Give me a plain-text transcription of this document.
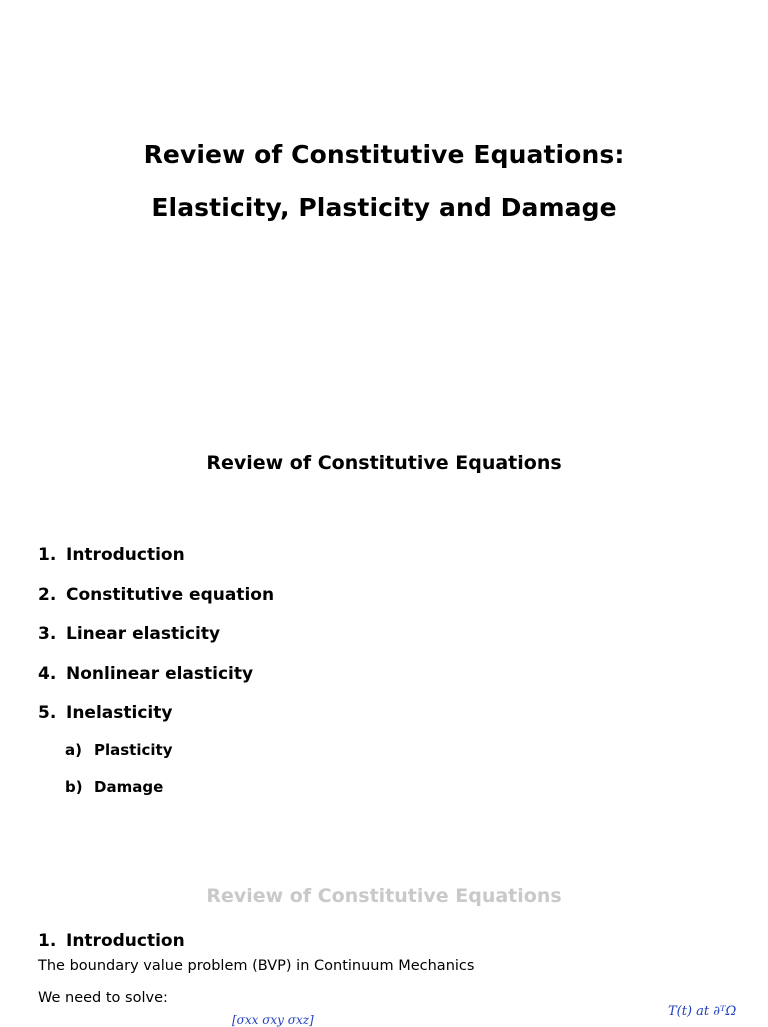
Review of Constitutive Equations:
Elasticity, Plasticity and Damage
Review of Constitutive Equations
1. Introduction
2. Constitutive equation
3. Linear elasticity
4. Nonlinear elasticity
5. Inelasticity
a) Plasticity
b) Damage
Review of Constitutive Equations
1. Introduction
The boundary value problem (BVP) in Continuum Mechanics
We need to solve:
T(t) at ∂ᵀΩ
[σxx σxy σxz]
